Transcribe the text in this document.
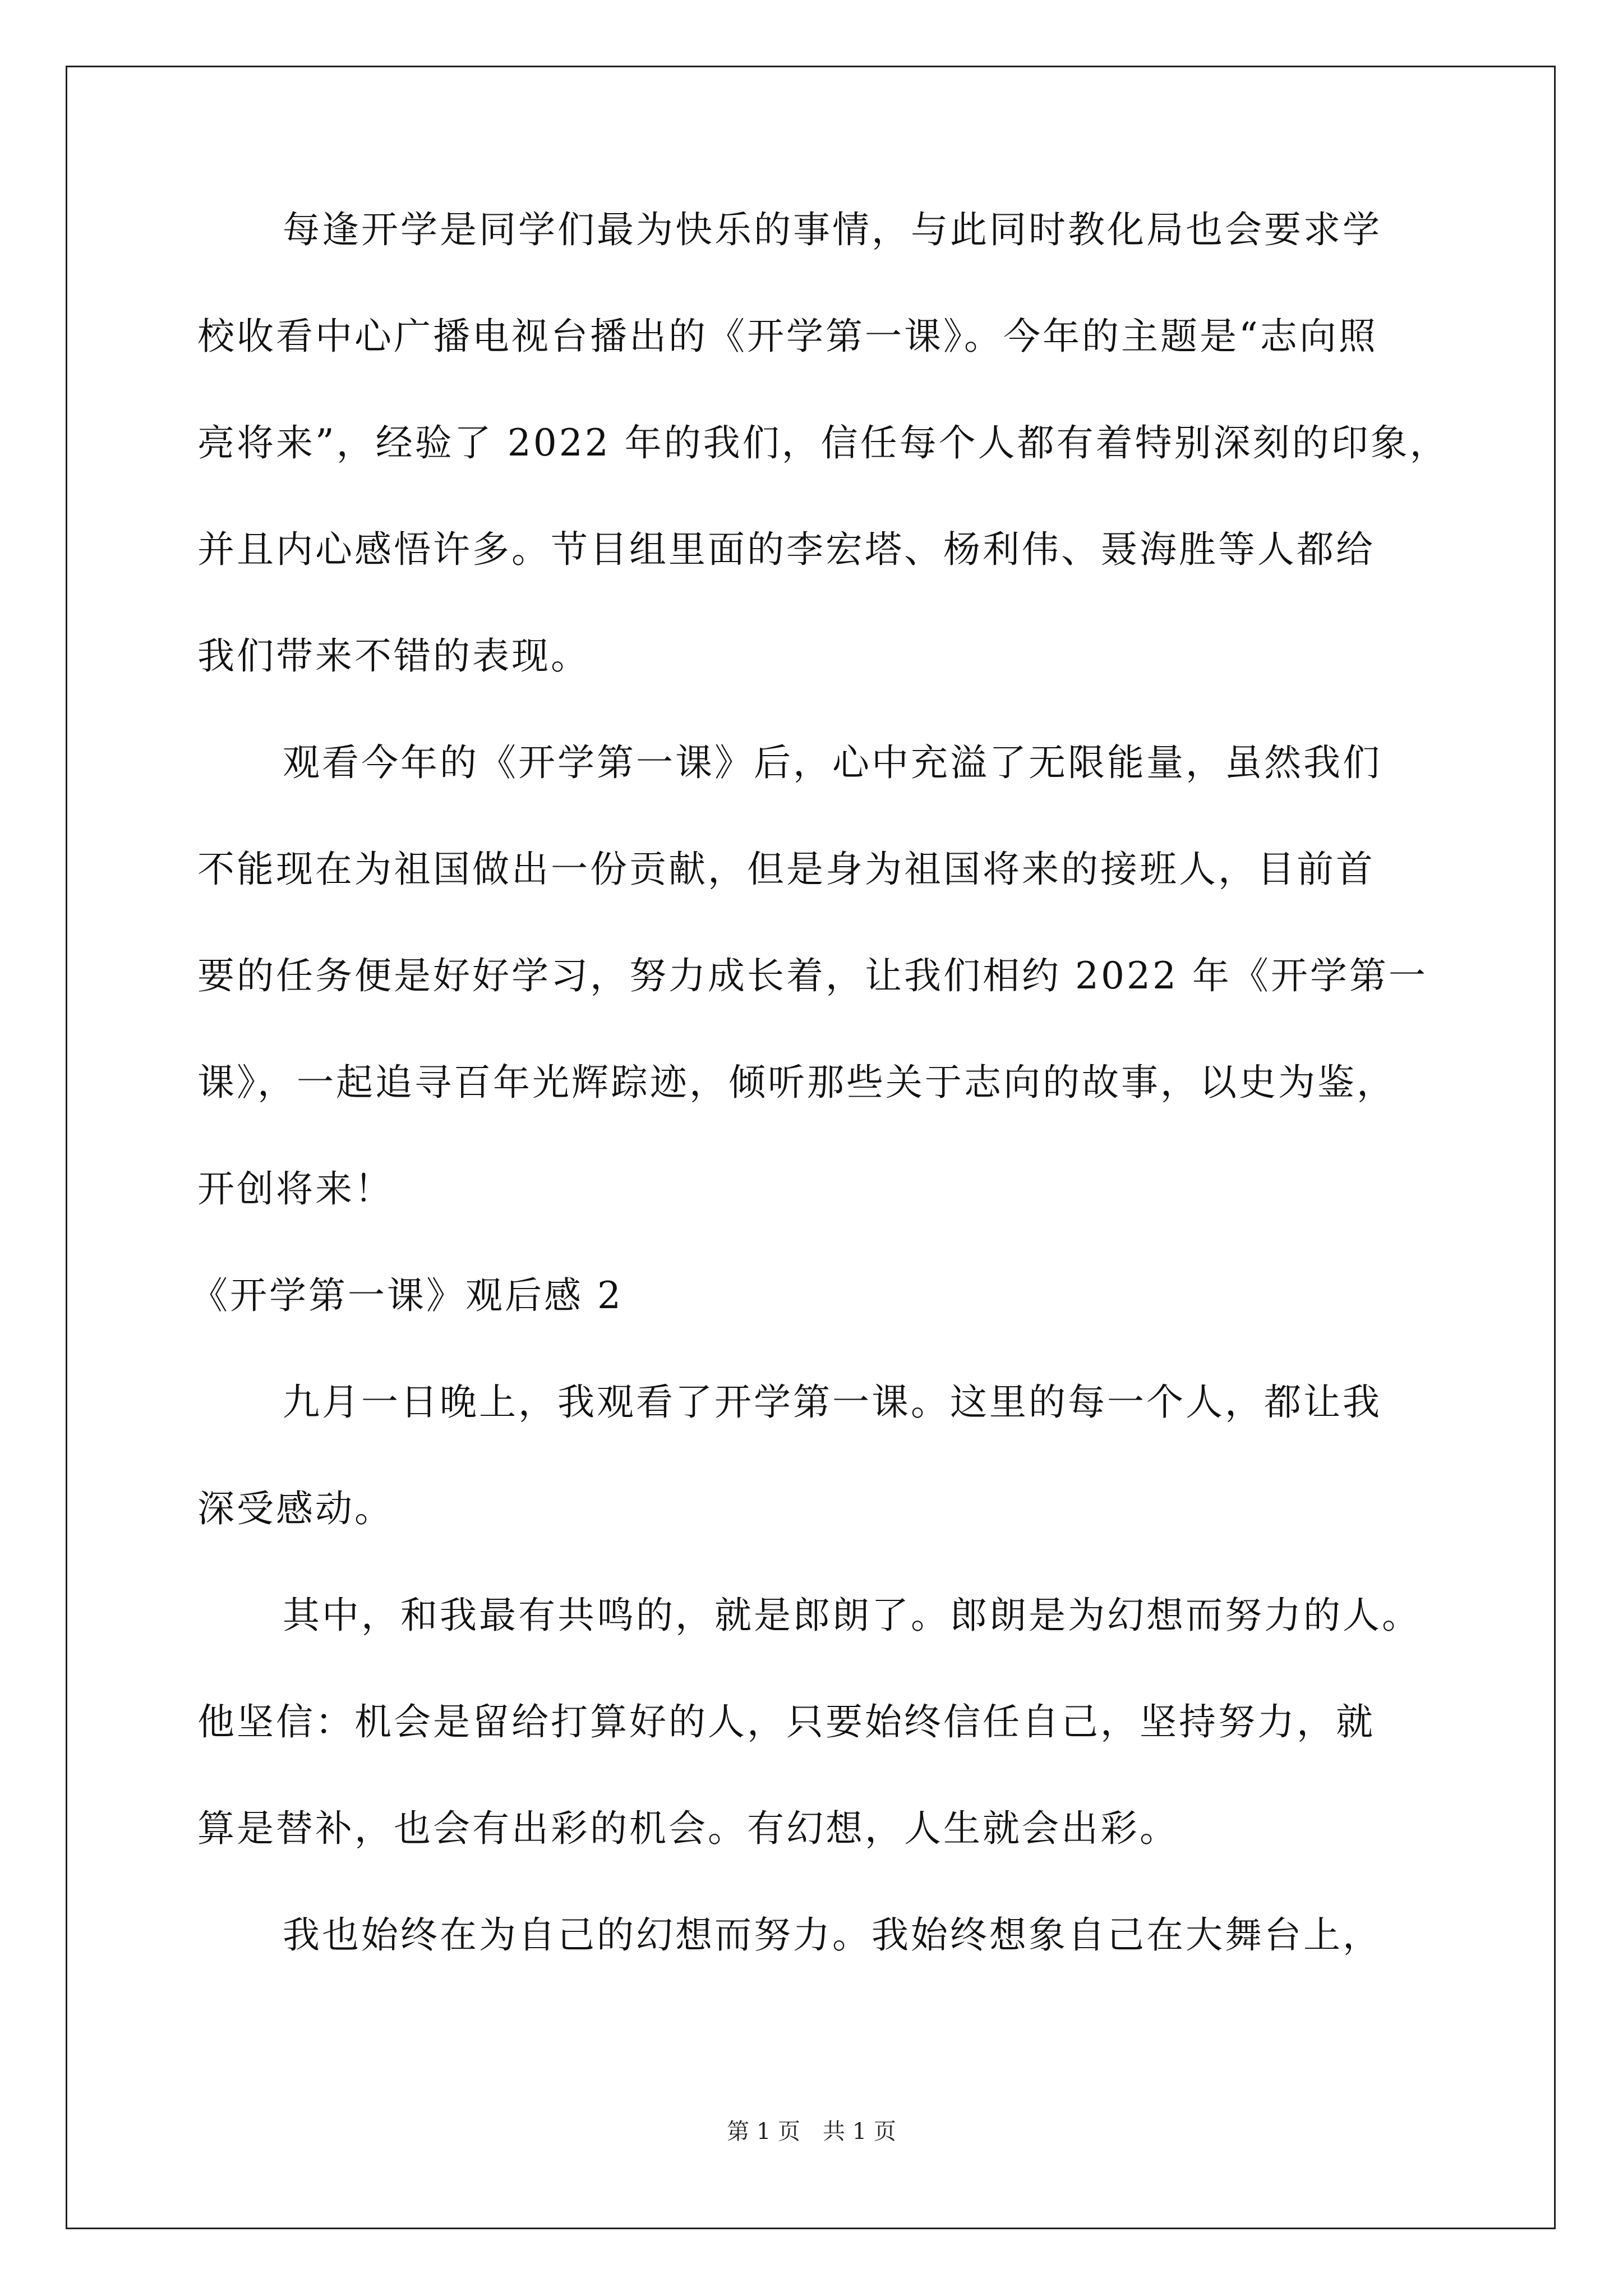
每逢开学是同学们最为快乐的事情，与此同时教化局也会要求学

校收看中心广播电视台播出的《开学第一课》。今年的主题是“志向照

亮将来”，经验了 2022 年的我们，信任每个人都有着特别深刻的印象，

并且内心感悟许多。节目组里面的李宏塔、杨利伟、聂海胜等人都给

我们带来不错的表现。

观看今年的《开学第一课》后，心中充溢了无限能量，虽然我们

不能现在为祖国做出一份贡献，但是身为祖国将来的接班人，目前首

要的任务便是好好学习，努力成长着，让我们相约 2022 年《开学第一

课》，一起追寻百年光辉踪迹，倾听那些关于志向的故事，以史为鉴，

开创将来！

《开学第一课》观后感 2

九月一日晚上，我观看了开学第一课。这里的每一个人，都让我

深受感动。

其中，和我最有共鸣的，就是郎朗了。郎朗是为幻想而努力的人。

他坚信：机会是留给打算好的人，只要始终信任自己，坚持努力，就

算是替补，也会有出彩的机会。有幻想，人生就会出彩。

我也始终在为自己的幻想而努力。我始终想象自己在大舞台上，

第 1 页　共 1 页
